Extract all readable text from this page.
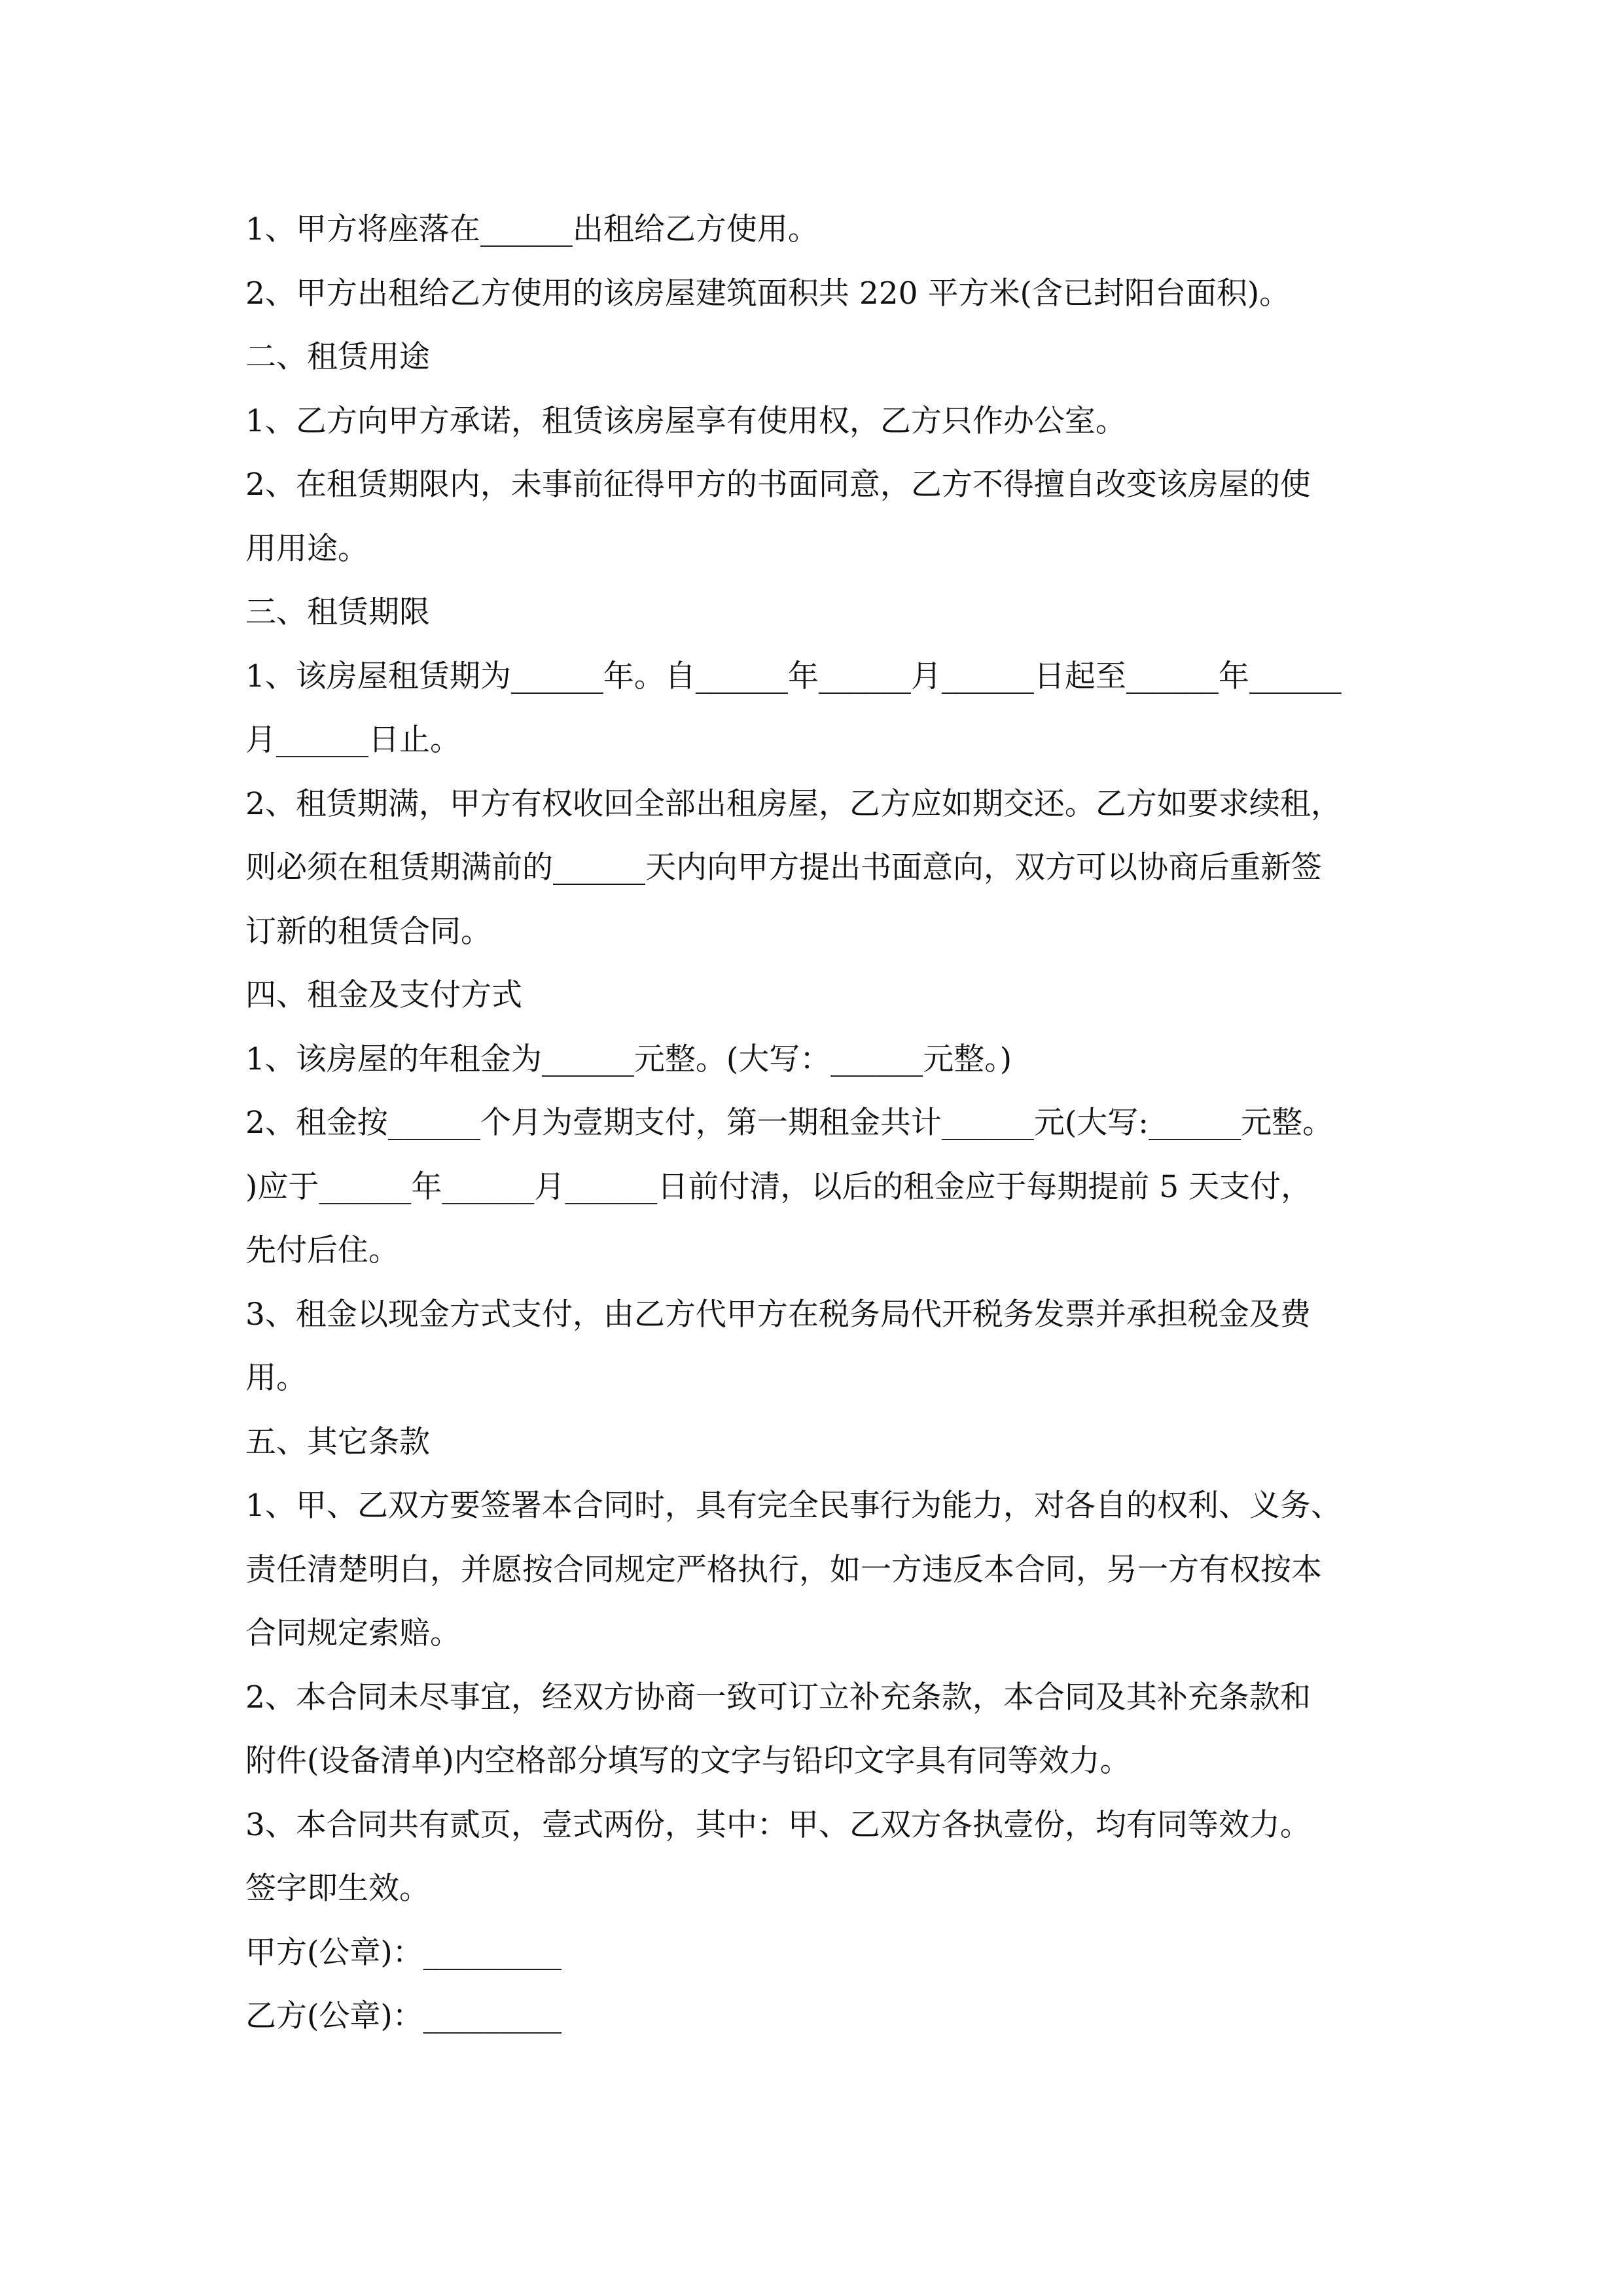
1、甲方将座落在______出租给乙方使用。
2、甲方出租给乙方使用的该房屋建筑面积共 220 平方米(含已封阳台面积)。
二、租赁用途
1、乙方向甲方承诺，租赁该房屋享有使用权，乙方只作办公室。
2、在租赁期限内，未事前征得甲方的书面同意，乙方不得擅自改变该房屋的使
用用途。
三、租赁期限
1、该房屋租赁期为______年。自______年______月______日起至______年______
月______日止。
2、租赁期满，甲方有权收回全部出租房屋，乙方应如期交还。乙方如要求续租，
则必须在租赁期满前的______天内向甲方提出书面意向，双方可以协商后重新签
订新的租赁合同。
四、租金及支付方式
1、该房屋的年租金为______元整。(大写：______元整。)
2、租金按______个月为壹期支付，第一期租金共计______元(大写:______元整。
)应于______年______月______日前付清，以后的租金应于每期提前 5 天支付，
先付后住。
3、租金以现金方式支付，由乙方代甲方在税务局代开税务发票并承担税金及费
用。
五、其它条款
1、甲、乙双方要签署本合同时，具有完全民事行为能力，对各自的权利、义务、
责任清楚明白，并愿按合同规定严格执行，如一方违反本合同，另一方有权按本
合同规定索赔。
2、本合同未尽事宜，经双方协商一致可订立补充条款，本合同及其补充条款和
附件(设备清单)内空格部分填写的文字与铅印文字具有同等效力。
3、本合同共有贰页，壹式两份，其中：甲、乙双方各执壹份，均有同等效力。
签字即生效。
甲方(公章)：_________
乙方(公章)：_________
